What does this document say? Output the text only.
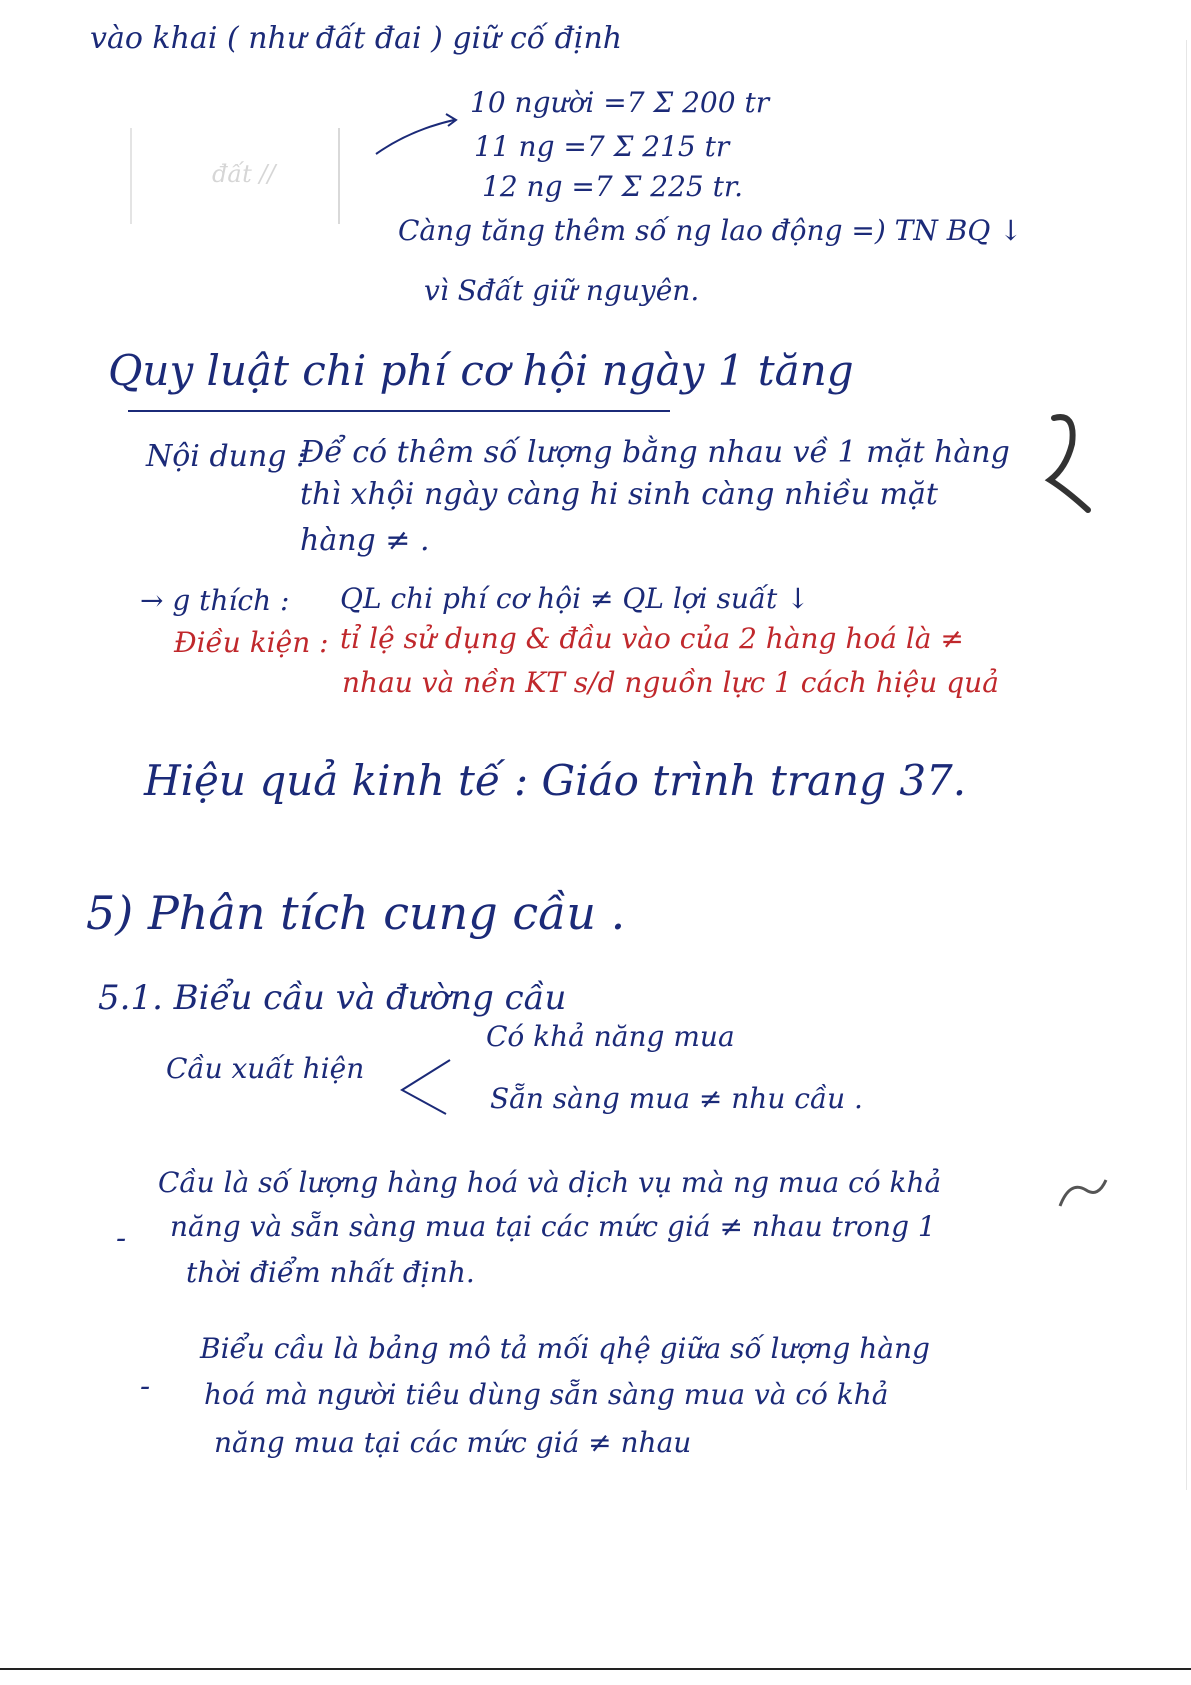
vào khai ( như đất đai ) giữ cố định
đất //
10 người =7 Σ 200 tr
11 ng =7 Σ 215 tr
12 ng =7 Σ 225 tr.
Càng tăng thêm số ng lao động =) TN BQ ↓
vì Sđất giữ nguyên.
Quy luật chi phí cơ hội ngày 1 tăng
Nội dung :
Để có thêm số lượng bằng nhau về 1 mặt hàng
thì xhội ngày càng hi sinh càng nhiều mặt
hàng ≠ .
→ g thích : QL chi phí cơ hội ≠ QL lợi suất ↓
Điều kiện : tỉ lệ sử dụng & đầu vào của 2 hàng hoá là ≠
nhau và nền KT s/d nguồn lực 1 cách hiệu quả
Hiệu quả kinh tế : Giáo trình trang 37.
5) Phân tích cung cầu .
5.1. Biểu cầu và đường cầu
Cầu xuất hiện
Có khả năng mua
Sẵn sàng mua ≠ nhu cầu .
-
Cầu là số lượng hàng hoá và dịch vụ mà ng mua có khả
năng và sẵn sàng mua tại các mức giá ≠ nhau trong 1
thời điểm nhất định.
-
Biểu cầu là bảng mô tả mối qhệ giữa số lượng hàng
hoá mà người tiêu dùng sẵn sàng mua và có khả
năng mua tại các mức giá ≠ nhau
